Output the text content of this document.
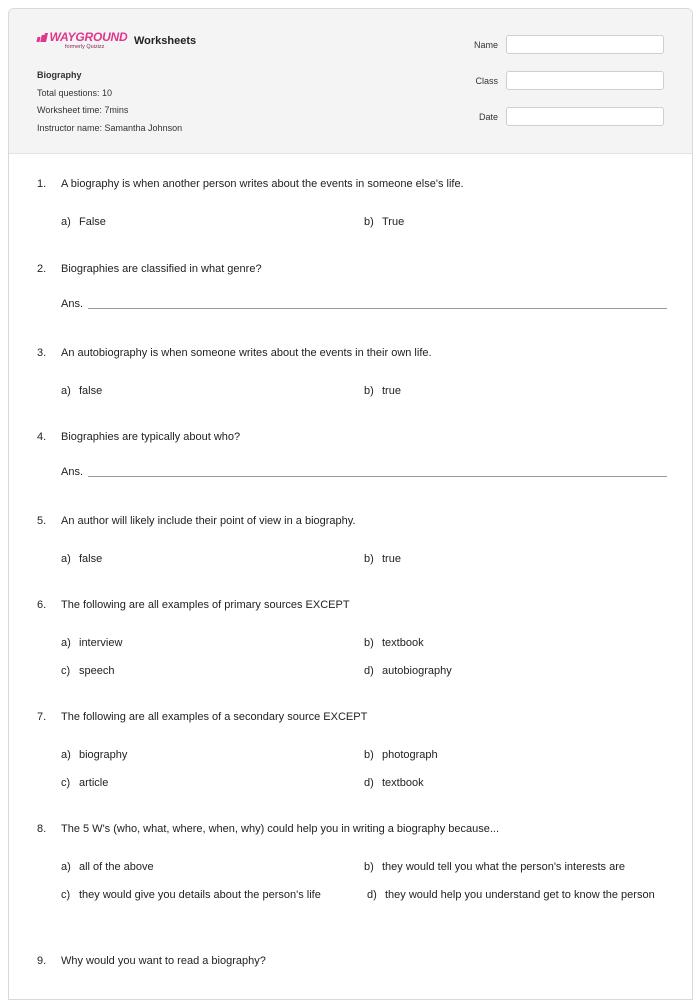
WAYGROUND
formerly Quizizz	Worksheets
Biography
Total questions: 10
Worksheet time: 7mins
Instructor name: Samantha Johnson
Name
Class
Date
1.	A biography is when another person writes about the events in someone else's life.
a) False	b) True
2.	Biographies are classified in what genre?
Ans.
3.	An autobiography is when someone writes about the events in their own life.
a) false	b) true
4.	Biographies are typically about who?
Ans.
5.	An author will likely include their point of view in a biography.
a) false	b) true
6.	The following are all examples of primary sources EXCEPT
a) interview	b) textbook
c) speech	d) autobiography
7.	The following are all examples of a secondary source EXCEPT
a) biography	b) photograph
c) article	d) textbook
8.	The 5 W's (who, what, where, when, why) could help you in writing a biography because...
a) all of the above	b) they would tell you what the person's interests are
c) they would give you details about the person's life	d) they would help you understand get to know the person
9.	Why would you want to read a biography?
